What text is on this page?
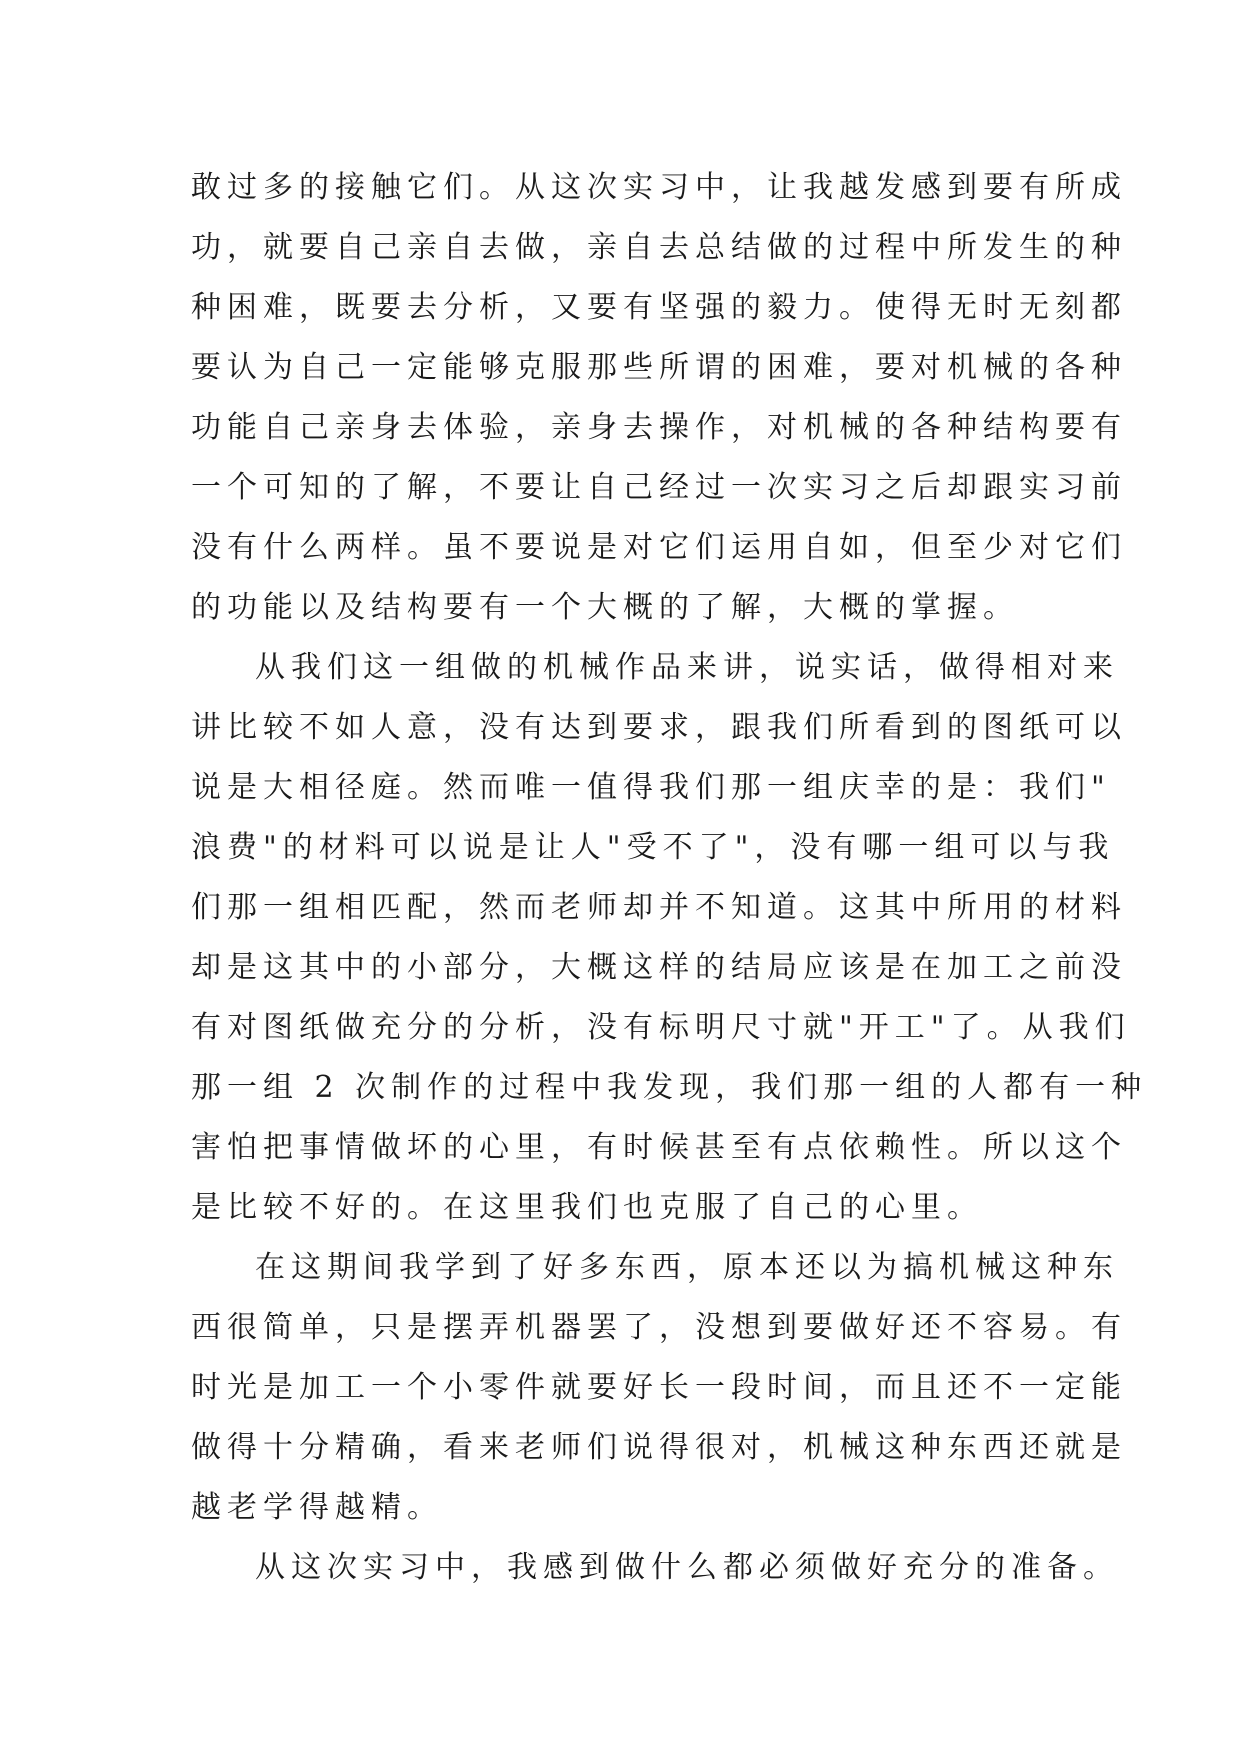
敢过多的接触它们。从这次实习中，让我越发感到要有所成
功，就要自己亲自去做，亲自去总结做的过程中所发生的种
种困难，既要去分析，又要有坚强的毅力。使得无时无刻都
要认为自己一定能够克服那些所谓的困难，要对机械的各种
功能自己亲身去体验，亲身去操作，对机械的各种结构要有
一个可知的了解，不要让自己经过一次实习之后却跟实习前
没有什么两样。虽不要说是对它们运用自如，但至少对它们
的功能以及结构要有一个大概的了解，大概的掌握。
从我们这一组做的机械作品来讲，说实话，做得相对来
讲比较不如人意，没有达到要求，跟我们所看到的图纸可以
说是大相径庭。然而唯一值得我们那一组庆幸的是：我们"
浪费"的材料可以说是让人"受不了"，没有哪一组可以与我
们那一组相匹配，然而老师却并不知道。这其中所用的材料
却是这其中的小部分，大概这样的结局应该是在加工之前没
有对图纸做充分的分析，没有标明尺寸就"开工"了。从我们
那一组 2 次制作的过程中我发现，我们那一组的人都有一种
害怕把事情做坏的心里，有时候甚至有点依赖性。所以这个
是比较不好的。在这里我们也克服了自己的心里。
在这期间我学到了好多东西，原本还以为搞机械这种东
西很简单，只是摆弄机器罢了，没想到要做好还不容易。有
时光是加工一个小零件就要好长一段时间，而且还不一定能
做得十分精确，看来老师们说得很对，机械这种东西还就是
越老学得越精。
从这次实习中，我感到做什么都必须做好充分的准备。
